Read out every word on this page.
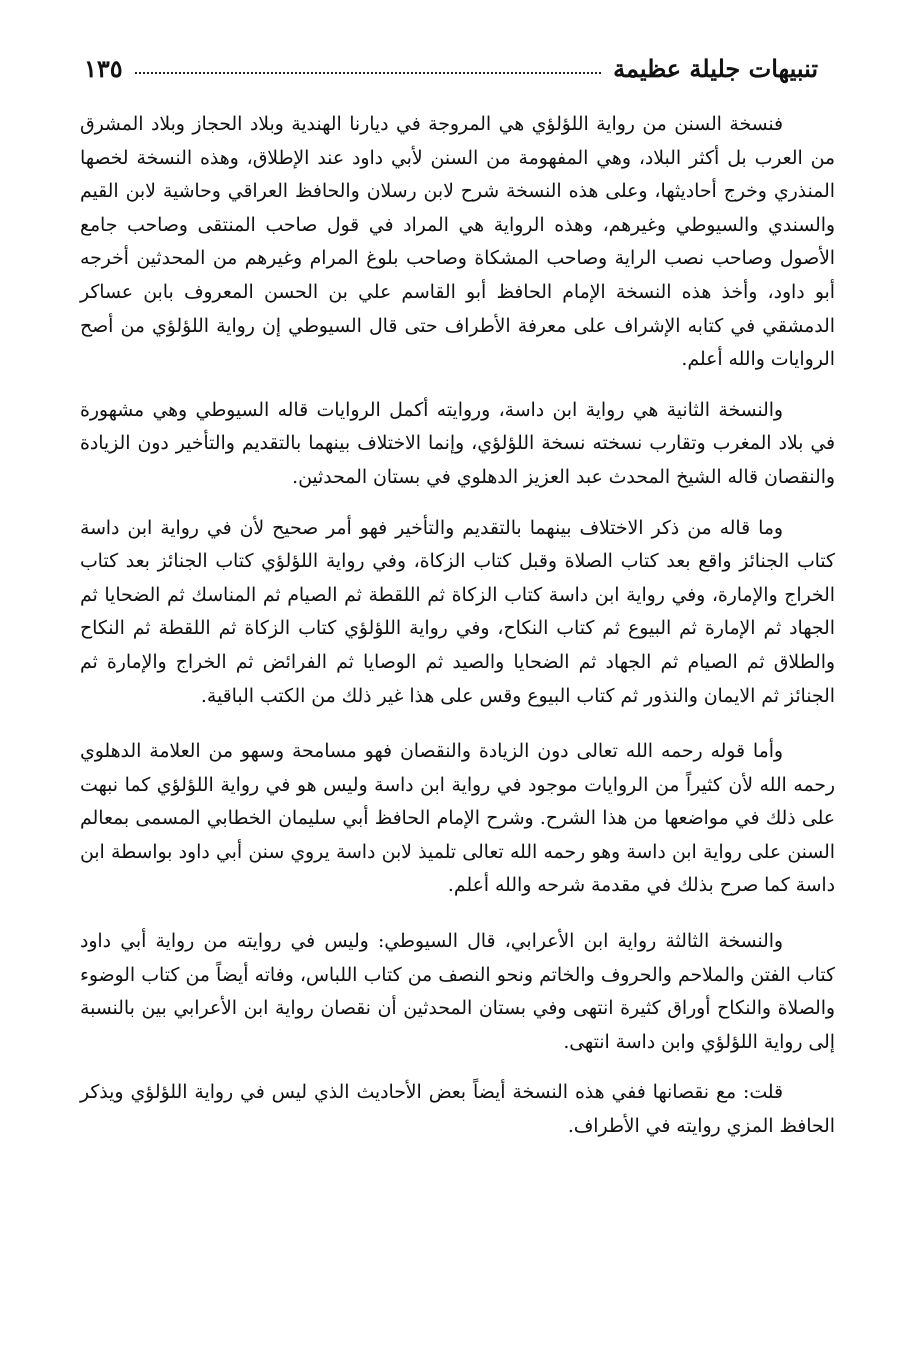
تنبيهات جليلة عظيمة
١٣٥

فنسخة السنن من رواية اللؤلؤي هي المروجة في ديارنا الهندية وبلاد الحجاز وبلاد المشرق من العرب بل أكثر البلاد، وهي المفهومة من السنن لأبي داود عند الإطلاق، وهذه النسخة لخصها المنذري وخرج أحاديثها، وعلى هذه النسخة شرح لابن رسلان والحافظ العراقي وحاشية لابن القيم والسندي والسيوطي وغيرهم، وهذه الرواية هي المراد في قول صاحب المنتقى وصاحب جامع الأصول وصاحب نصب الراية وصاحب المشكاة وصاحب بلوغ المرام وغيرهم من المحدثين أخرجه أبو داود، وأخذ هذه النسخة الإمام الحافظ أبو القاسم علي بن الحسن المعروف بابن عساكر الدمشقي في كتابه الإشراف على معرفة الأطراف حتى قال السيوطي إن رواية اللؤلؤي من أصح الروايات والله أعلم.

والنسخة الثانية هي رواية ابن داسة، وروايته أكمل الروايات قاله السيوطي وهي مشهورة في بلاد المغرب وتقارب نسخته نسخة اللؤلؤي، وإنما الاختلاف بينهما بالتقديم والتأخير دون الزيادة والنقصان قاله الشيخ المحدث عبد العزيز الدهلوي في بستان المحدثين.

وما قاله من ذكر الاختلاف بينهما بالتقديم والتأخير فهو أمر صحيح لأن في رواية ابن داسة كتاب الجنائز واقع بعد كتاب الصلاة وقبل كتاب الزكاة، وفي رواية اللؤلؤي كتاب الجنائز بعد كتاب الخراج والإمارة، وفي رواية ابن داسة كتاب الزكاة ثم اللقطة ثم الصيام ثم المناسك ثم الضحايا ثم الجهاد ثم الإمارة ثم البيوع ثم كتاب النكاح، وفي رواية اللؤلؤي كتاب الزكاة ثم اللقطة ثم النكاح والطلاق ثم الصيام ثم الجهاد ثم الضحايا والصيد ثم الوصايا ثم الفرائض ثم الخراج والإمارة ثم الجنائز ثم الايمان والنذور ثم كتاب البيوع وقس على هذا غير ذلك من الكتب الباقية.

وأما قوله رحمه الله تعالى دون الزيادة والنقصان فهو مسامحة وسهو من العلامة الدهلوي رحمه الله لأن كثيراً من الروايات موجود في رواية ابن داسة وليس هو في رواية اللؤلؤي كما نبهت على ذلك في مواضعها من هذا الشرح. وشرح الإمام الحافظ أبي سليمان الخطابي المسمى بمعالم السنن على رواية ابن داسة وهو رحمه الله تعالى تلميذ لابن داسة يروي سنن أبي داود بواسطة ابن داسة كما صرح بذلك في مقدمة شرحه والله أعلم.

والنسخة الثالثة رواية ابن الأعرابي، قال السيوطي: وليس في روايته من رواية أبي داود كتاب الفتن والملاحم والحروف والخاتم ونحو النصف من كتاب اللباس، وفاته أيضاً من كتاب الوضوء والصلاة والنكاح أوراق كثيرة انتهى وفي بستان المحدثين أن نقصان رواية ابن الأعرابي بين بالنسبة إلى رواية اللؤلؤي وابن داسة انتهى.

قلت: مع نقصانها ففي هذه النسخة أيضاً بعض الأحاديث الذي ليس في رواية اللؤلؤي ويذكر الحافظ المزي روايته في الأطراف.
